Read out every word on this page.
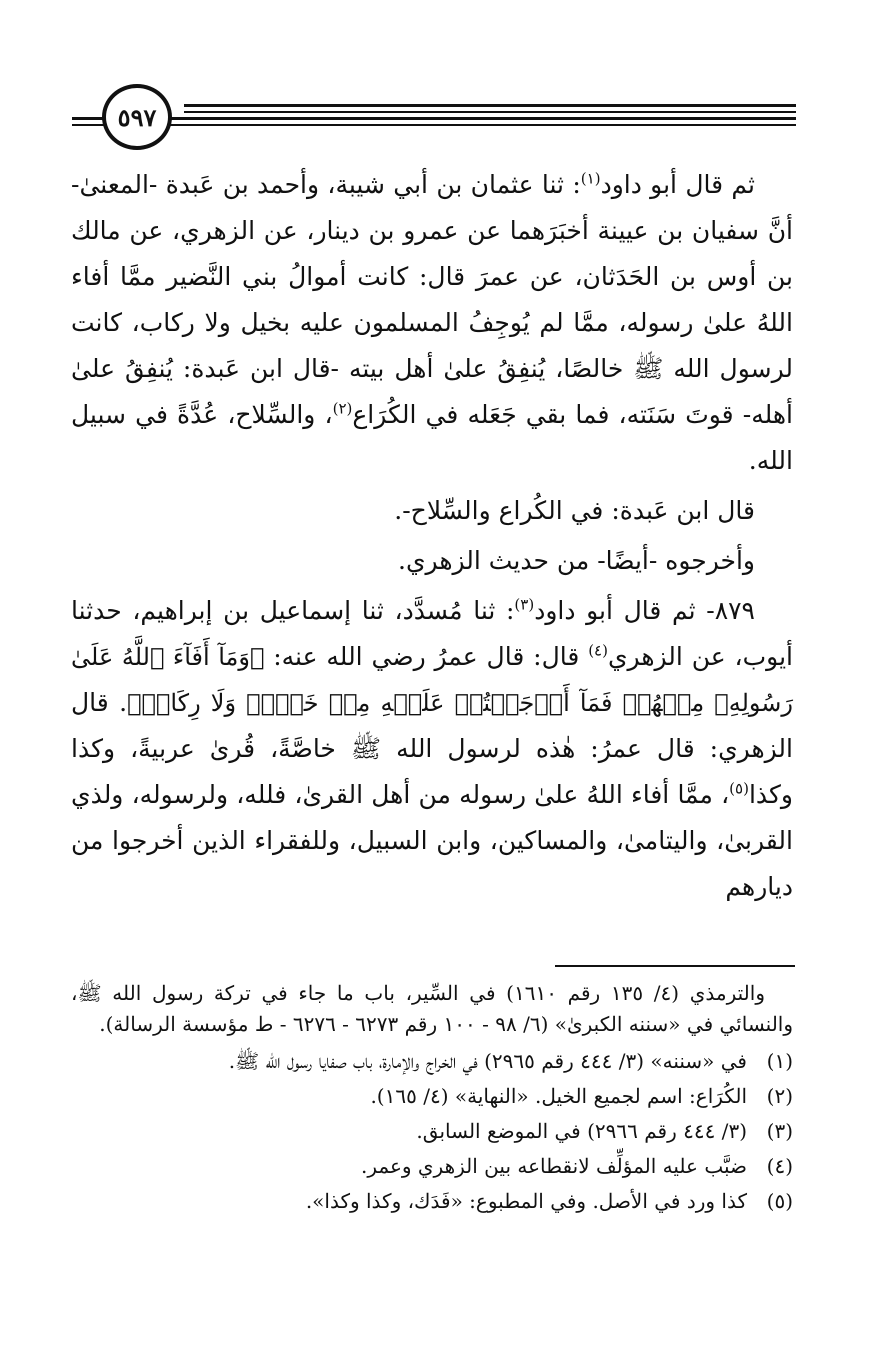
٥٩٧

ثم قال أبو داود$^{(١)}$: ثنا عثمان بن أبي شيبة، وأحمد بن عَبدة -المعنىٰ- أنَّ سفيان بن عيينة أخبَرَهما عن عمرو بن دينار، عن الزهري، عن مالك بن أوس بن الحَدَثان، عن عمرَ قال: كانت أموالُ بني النَّضير ممَّا أفاء اللهُ علىٰ رسوله، ممَّا لم يُوجِفُ المسلمون عليه بخيل ولا ركاب، كانت لرسول الله ﷺ خالصًا، يُنفِقُ علىٰ أهل بيته -قال ابن عَبدة: يُنفِقُ علىٰ أهله- قوتَ سَنَته، فما بقي جَعَله في الكُرَاع$^{(٢)}$، والسِّلاح، عُدَّةً في سبيل الله.

قال ابن عَبدة: في الكُراع والسِّلاح-.

وأخرجوه -أيضًا- من حديث الزهري.

٨٧٩- ثم قال أبو داود$^{(٣)}$: ثنا مُسدَّد، ثنا إسماعيل بن إبراهيم، حدثنا أيوب، عن الزهري$^{(٤)}$ قال: قال عمرُ رضي الله عنه: ﴿وَمَآ أَفَآءَ ٱللَّهُ عَلَىٰ رَسُولِهِۦ مِنۡهُمۡ فَمَآ أَوۡجَفۡتُمۡ عَلَيۡهِ مِنۡ خَيۡلٖ وَلَا رِكَابٖ﴾. قال الزهري: قال عمرُ: هٰذه لرسول الله ﷺ خاصَّةً، قُرىٰ عربيةً، وكذا وكذا$^{(٥)}$، ممَّا أفاء اللهُ علىٰ رسوله من أهل القرىٰ، فلله، ولرسوله، ولذي القربىٰ، واليتامىٰ، والمساكين، وابن السبيل، وللفقراء الذين أخرجوا من ديارهم

والترمذي (٤/ ١٣٥ رقم ١٦١٠) في السِّير، باب ما جاء في تركة رسول الله ﷺ، والنسائي في «سننه الكبرىٰ» (٦/ ٩٨ - ١٠٠ رقم ٦٢٧٣ - ٦٢٧٦ - ط مؤسسة الرسالة).

(١)
في «سننه» (٣/ ٤٤٤ رقم ٢٩٦٥) في الخراج والإمارة، باب صفايا رسول الله ﷺ.

(٢)
الكُرَاع: اسم لجميع الخيل. «النهاية» (٤/ ١٦٥).

(٣)
(٣/ ٤٤٤ رقم ٢٩٦٦) في الموضع السابق.

(٤)
ضبَّب عليه المؤلِّف لانقطاعه بين الزهري وعمر.

(٥)
كذا ورد في الأصل. وفي المطبوع: «فَدَك، وكذا وكذا».
